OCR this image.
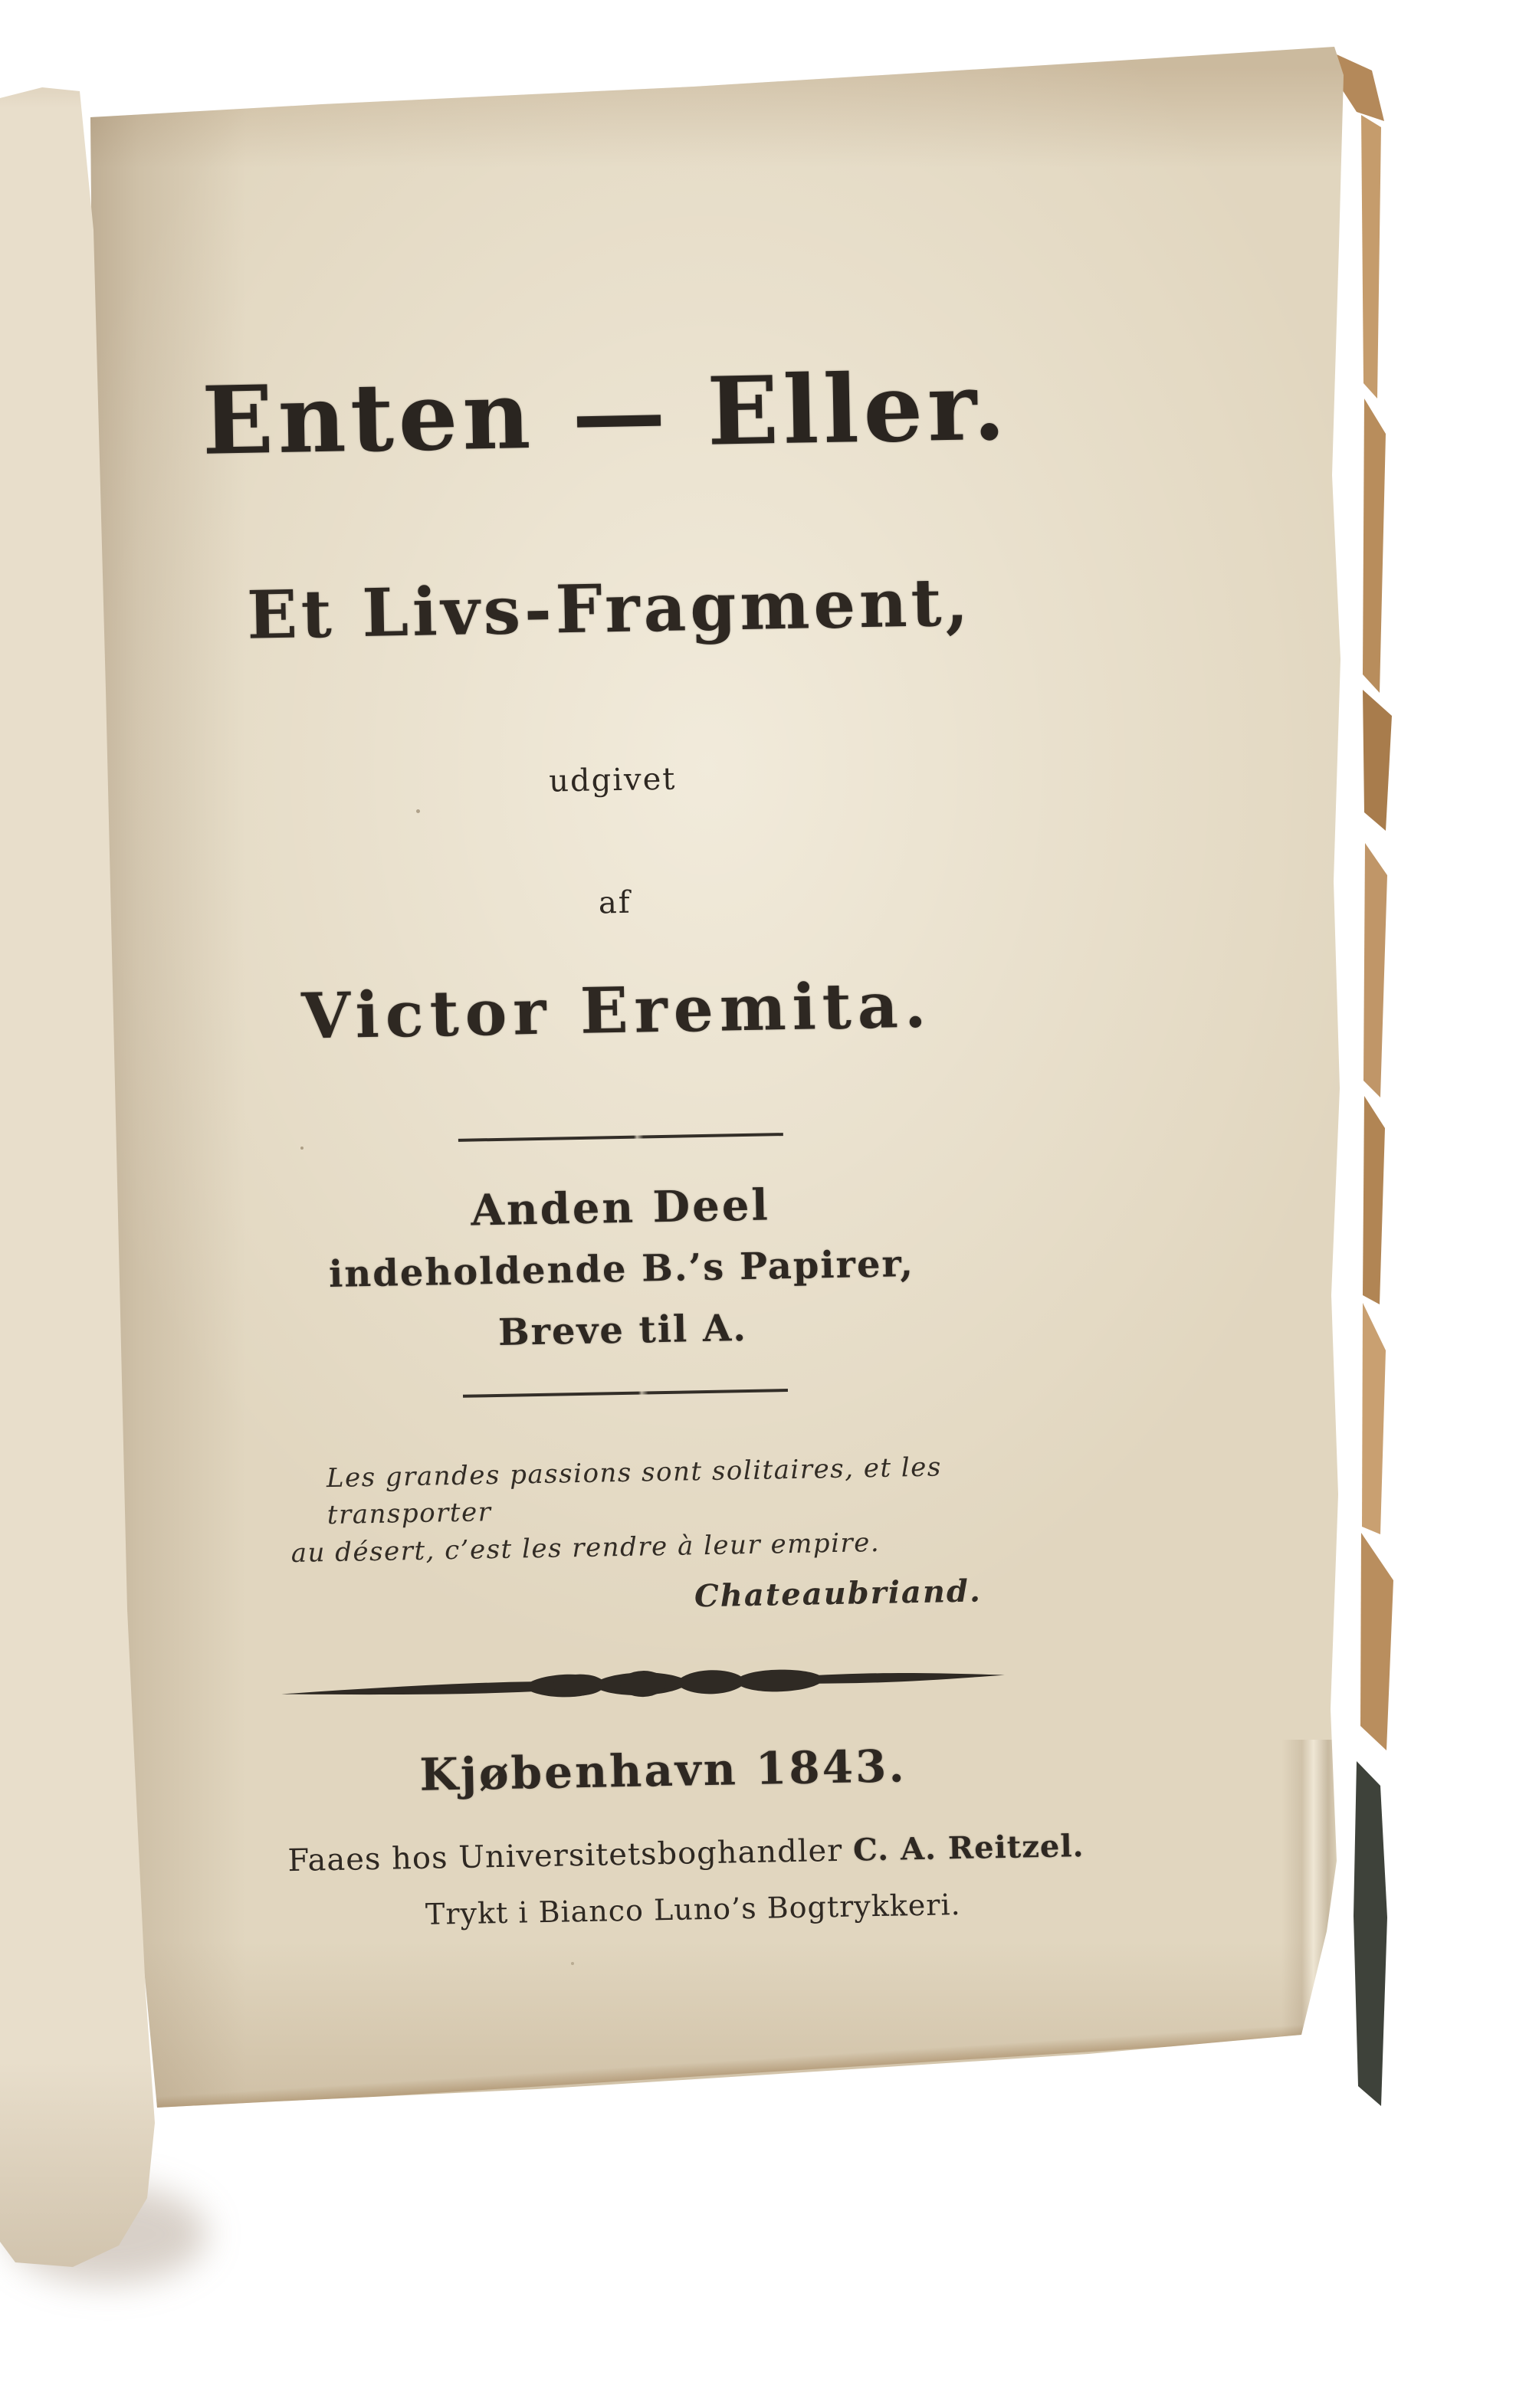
Enten — Eller.
Et Livs-Fragment,
udgivet
af
Victor Eremita.
Anden Deel
indeholdende B.’s Papirer,
Breve til A.
Les grandes passions sont solitaires, et les transporter
au désert, c’est les rendre à leur empire.
Chateaubriand.
Kjøbenhavn 1843.
Faaes hos Universitetsboghandler C. A. Reitzel.
Trykt i Bianco Luno’s Bogtrykkeri.
